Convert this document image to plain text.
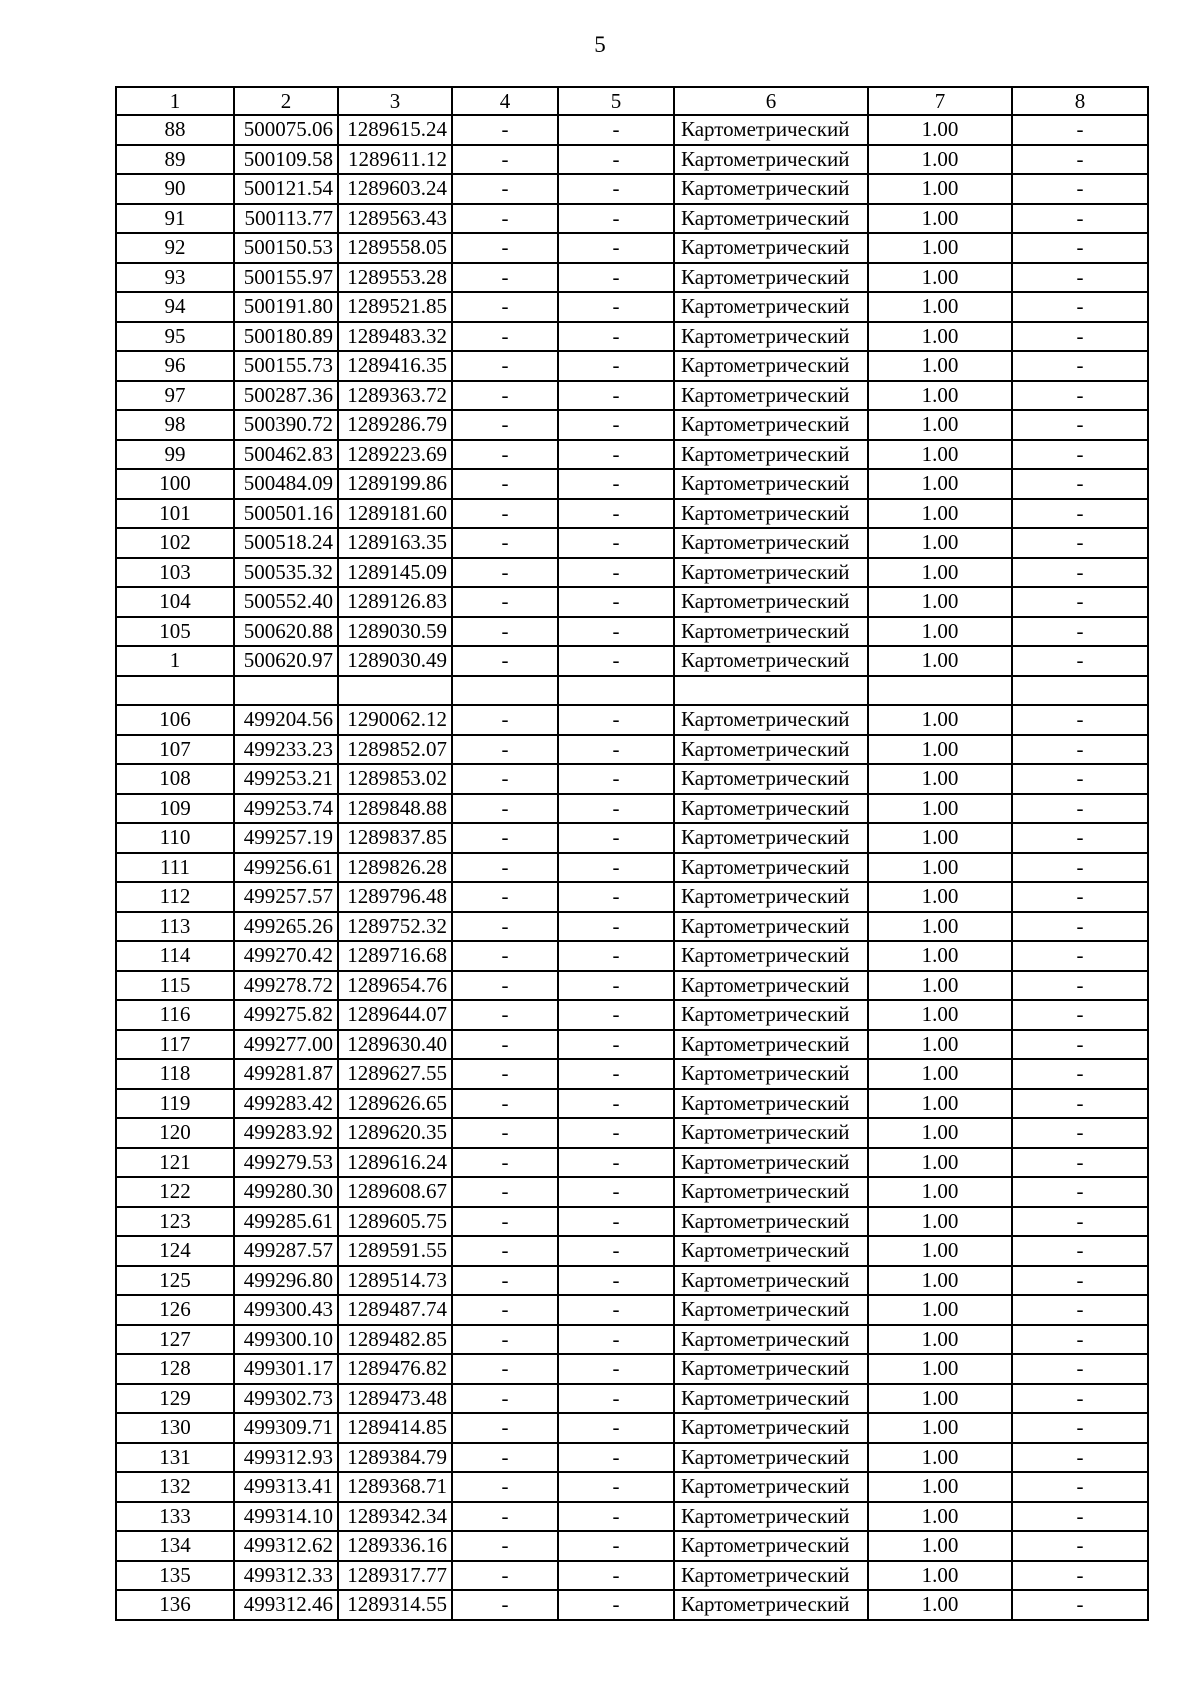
5
1	2	3	4	5	6	7	8
88	500075.06	1289615.24	-	-	Картометрический	1.00	-
89	500109.58	1289611.12	-	-	Картометрический	1.00	-
90	500121.54	1289603.24	-	-	Картометрический	1.00	-
91	500113.77	1289563.43	-	-	Картометрический	1.00	-
92	500150.53	1289558.05	-	-	Картометрический	1.00	-
93	500155.97	1289553.28	-	-	Картометрический	1.00	-
94	500191.80	1289521.85	-	-	Картометрический	1.00	-
95	500180.89	1289483.32	-	-	Картометрический	1.00	-
96	500155.73	1289416.35	-	-	Картометрический	1.00	-
97	500287.36	1289363.72	-	-	Картометрический	1.00	-
98	500390.72	1289286.79	-	-	Картометрический	1.00	-
99	500462.83	1289223.69	-	-	Картометрический	1.00	-
100	500484.09	1289199.86	-	-	Картометрический	1.00	-
101	500501.16	1289181.60	-	-	Картометрический	1.00	-
102	500518.24	1289163.35	-	-	Картометрический	1.00	-
103	500535.32	1289145.09	-	-	Картометрический	1.00	-
104	500552.40	1289126.83	-	-	Картометрический	1.00	-
105	500620.88	1289030.59	-	-	Картометрический	1.00	-
1	500620.97	1289030.49	-	-	Картометрический	1.00	-

106	499204.56	1290062.12	-	-	Картометрический	1.00	-
107	499233.23	1289852.07	-	-	Картометрический	1.00	-
108	499253.21	1289853.02	-	-	Картометрический	1.00	-
109	499253.74	1289848.88	-	-	Картометрический	1.00	-
110	499257.19	1289837.85	-	-	Картометрический	1.00	-
111	499256.61	1289826.28	-	-	Картометрический	1.00	-
112	499257.57	1289796.48	-	-	Картометрический	1.00	-
113	499265.26	1289752.32	-	-	Картометрический	1.00	-
114	499270.42	1289716.68	-	-	Картометрический	1.00	-
115	499278.72	1289654.76	-	-	Картометрический	1.00	-
116	499275.82	1289644.07	-	-	Картометрический	1.00	-
117	499277.00	1289630.40	-	-	Картометрический	1.00	-
118	499281.87	1289627.55	-	-	Картометрический	1.00	-
119	499283.42	1289626.65	-	-	Картометрический	1.00	-
120	499283.92	1289620.35	-	-	Картометрический	1.00	-
121	499279.53	1289616.24	-	-	Картометрический	1.00	-
122	499280.30	1289608.67	-	-	Картометрический	1.00	-
123	499285.61	1289605.75	-	-	Картометрический	1.00	-
124	499287.57	1289591.55	-	-	Картометрический	1.00	-
125	499296.80	1289514.73	-	-	Картометрический	1.00	-
126	499300.43	1289487.74	-	-	Картометрический	1.00	-
127	499300.10	1289482.85	-	-	Картометрический	1.00	-
128	499301.17	1289476.82	-	-	Картометрический	1.00	-
129	499302.73	1289473.48	-	-	Картометрический	1.00	-
130	499309.71	1289414.85	-	-	Картометрический	1.00	-
131	499312.93	1289384.79	-	-	Картометрический	1.00	-
132	499313.41	1289368.71	-	-	Картометрический	1.00	-
133	499314.10	1289342.34	-	-	Картометрический	1.00	-
134	499312.62	1289336.16	-	-	Картометрический	1.00	-
135	499312.33	1289317.77	-	-	Картометрический	1.00	-
136	499312.46	1289314.55	-	-	Картометрический	1.00	-
